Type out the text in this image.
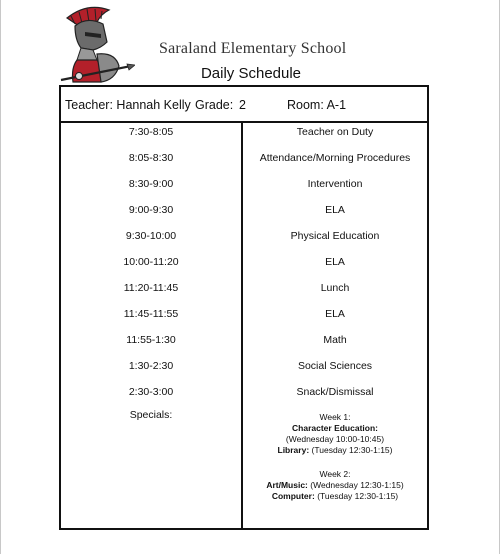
Saraland Elementary School
Daily Schedule
Teacher: Hannah Kelly Grade: 2	Room: A-1
7:30-8:05	Teacher on Duty
8:05-8:30	Attendance/Morning Procedures
8:30-9:00	Intervention
9:00-9:30	ELA
9:30-10:00	Physical Education
10:00-11:20	ELA
11:20-11:45	Lunch
11:45-11:55	ELA
11:55-1:30	Math
1:30-2:30	Social Sciences
2:30-3:00	Snack/Dismissal
Specials:	Week 1:
Character Education:
(Wednesday 10:00-10:45)
Library: (Tuesday 12:30-1:15)
Week 2:
Art/Music: (Wednesday 12:30-1:15)
Computer: (Tuesday 12:30-1:15)
